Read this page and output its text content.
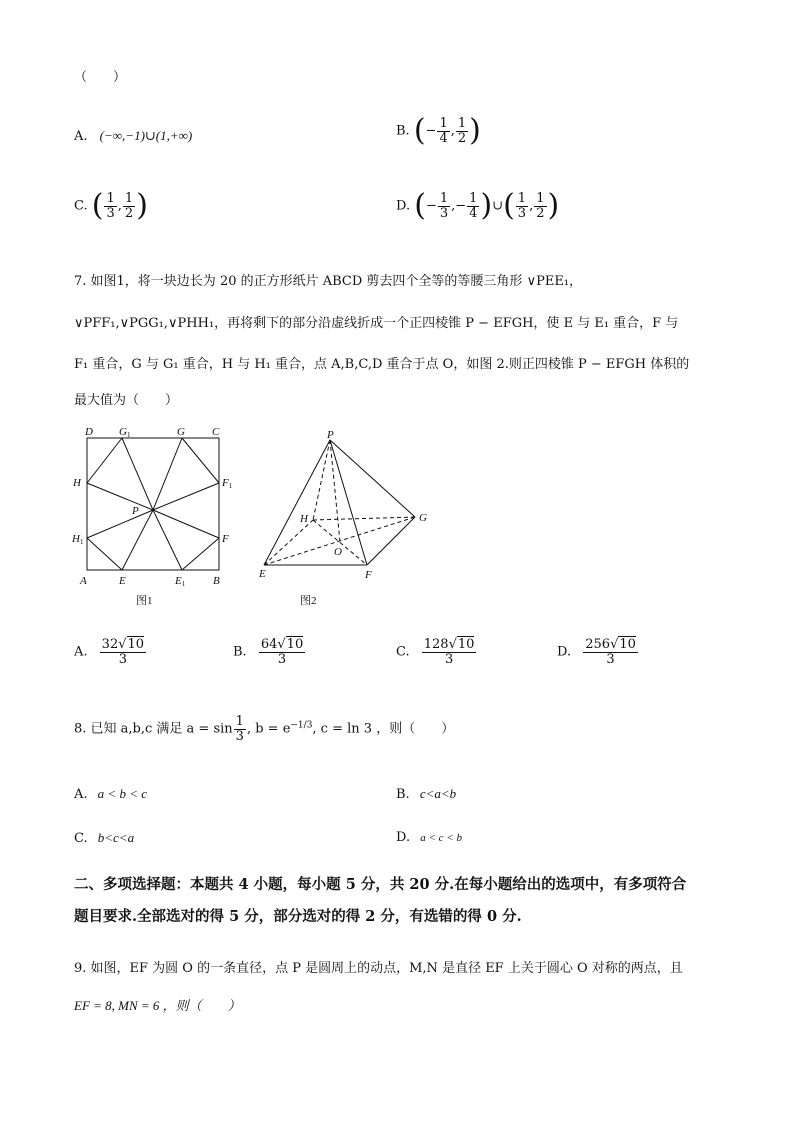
（　　）
A. (−∞,−1)∪(1,+∞)	B. (− $\frac{1}{4}$ , $\frac{1}{2}$ )
C. ( $\frac{1}{3}$ , $\frac{1}{2}$ )	D. (− $\frac{1}{3}$ ,− $\frac{1}{4}$ )∪( $\frac{1}{3}$ , $\frac{1}{2}$ )
7. 如图1，将一块边长为 20 的正方形纸片 ABCD 剪去四个全等的等腰三角形 ∨PEE₁，
∨PFF₁,∨PGG₁,∨PHH₁，再将剩下的部分沿虚线折成一个正四棱锥 P − EFGH，使 E 与 E₁ 重合，F 与
F₁ 重合，G 与 G₁ 重合，H 与 H₁ 重合，点 A,B,C,D 重合于点 O，如图 2.则正四棱锥 P − EFGH 体积的
最大值为（　　）
D G1	G C
H	F1
P
H1	F
A	E	E1	B
图1
P
H	G
O
E	F
图2
A. $\frac{32√10}{3}$	B. $\frac{64√10}{3}$	C. $\frac{128√10}{3}$	D. $\frac{256√10}{3}$
8. 已知 a,b,c 满足 $a = \sin \frac{1}{3}$ , $b = e^{-1/3}$, c = ln 3 ，则（　　）
A. a < b < c	B. c<a<b
C. b<c<a	D. a < c < b
二、多项选择题：本题共 4 小题，每小题 5 分，共 20 分.在每小题给出的选项中，有多项符合
题目要求.全部选对的得 5 分，部分选对的得 2 分，有选错的得 0 分.
9. 如图，EF 为圆 O 的一条直径，点 P 是圆周上的动点，M,N 是直径 EF 上关于圆心 O 对称的两点，且
EF = 8, MN = 6 ，则（　　）
